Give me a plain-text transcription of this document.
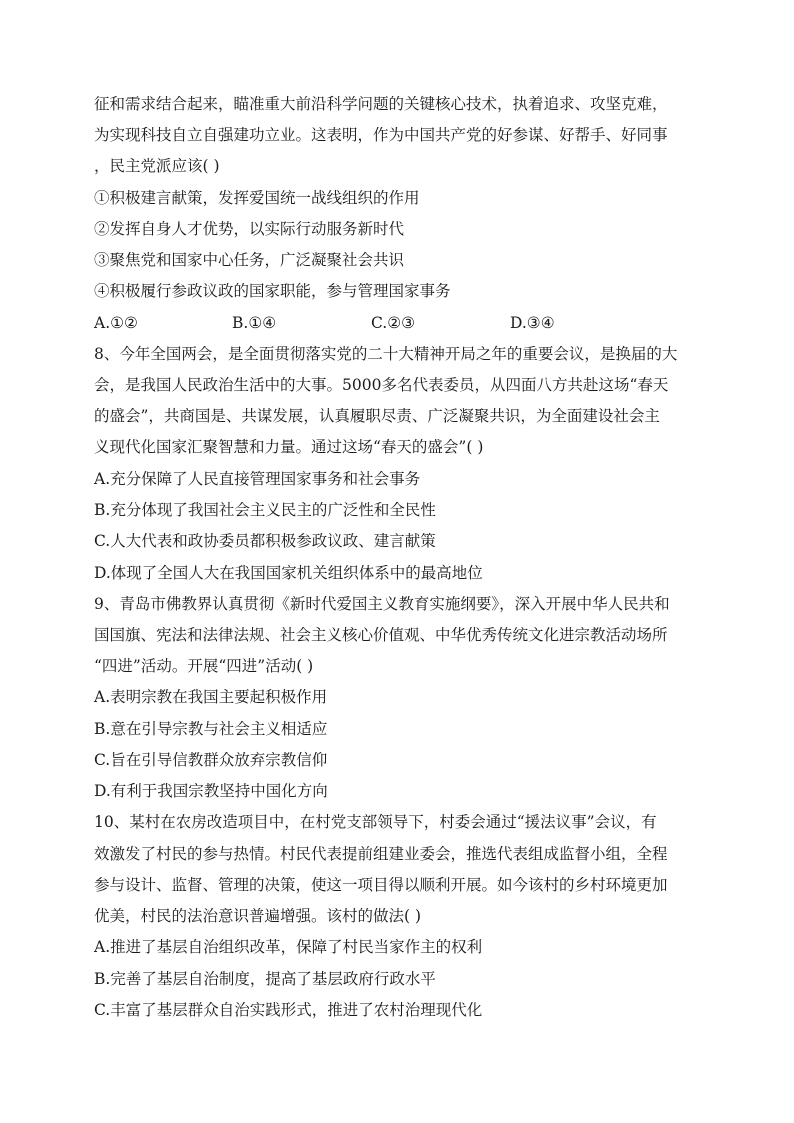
征和需求结合起来，瞄准重大前沿科学问题的关键核心技术，执着追求、攻坚克难，
为实现科技自立自强建功立业。这表明，作为中国共产党的好参谋、好帮手、好同事
，民主党派应该( )
①积极建言献策，发挥爱国统一战线组织的作用
②发挥自身人才优势，以实际行动服务新时代
③聚焦党和国家中心任务，广泛凝聚社会共识
④积极履行参政议政的国家职能，参与管理国家事务
A.①②	B.①④	C.②③	D.③④
8、今年全国两会，是全面贯彻落实党的二十大精神开局之年的重要会议，是换届的大
会，是我国人民政治生活中的大事。5000多名代表委员，从四面八方共赴这场“春天
的盛会”，共商国是、共谋发展，认真履职尽责、广泛凝聚共识，为全面建设社会主
义现代化国家汇聚智慧和力量。通过这场“春天的盛会”( )
A.充分保障了人民直接管理国家事务和社会事务
B.充分体现了我国社会主义民主的广泛性和全民性
C.人大代表和政协委员都积极参政议政、建言献策
D.体现了全国人大在我国国家机关组织体系中的最高地位
9、青岛市佛教界认真贯彻《新时代爱国主义教育实施纲要》，深入开展中华人民共和
国国旗、宪法和法律法规、社会主义核心价值观、中华优秀传统文化进宗教活动场所
“四进”活动。开展“四进”活动( )
A.表明宗教在我国主要起积极作用
B.意在引导宗教与社会主义相适应
C.旨在引导信教群众放弃宗教信仰
D.有利于我国宗教坚持中国化方向
10、某村在农房改造项目中，在村党支部领导下，村委会通过“援法议事”会议，有
效激发了村民的参与热情。村民代表提前组建业委会，推选代表组成监督小组，全程
参与设计、监督、管理的决策，使这一项目得以顺利开展。如今该村的乡村环境更加
优美，村民的法治意识普遍增强。该村的做法( )
A.推进了基层自治组织改革，保障了村民当家作主的权利
B.完善了基层自治制度，提高了基层政府行政水平
C.丰富了基层群众自治实践形式，推进了农村治理现代化
